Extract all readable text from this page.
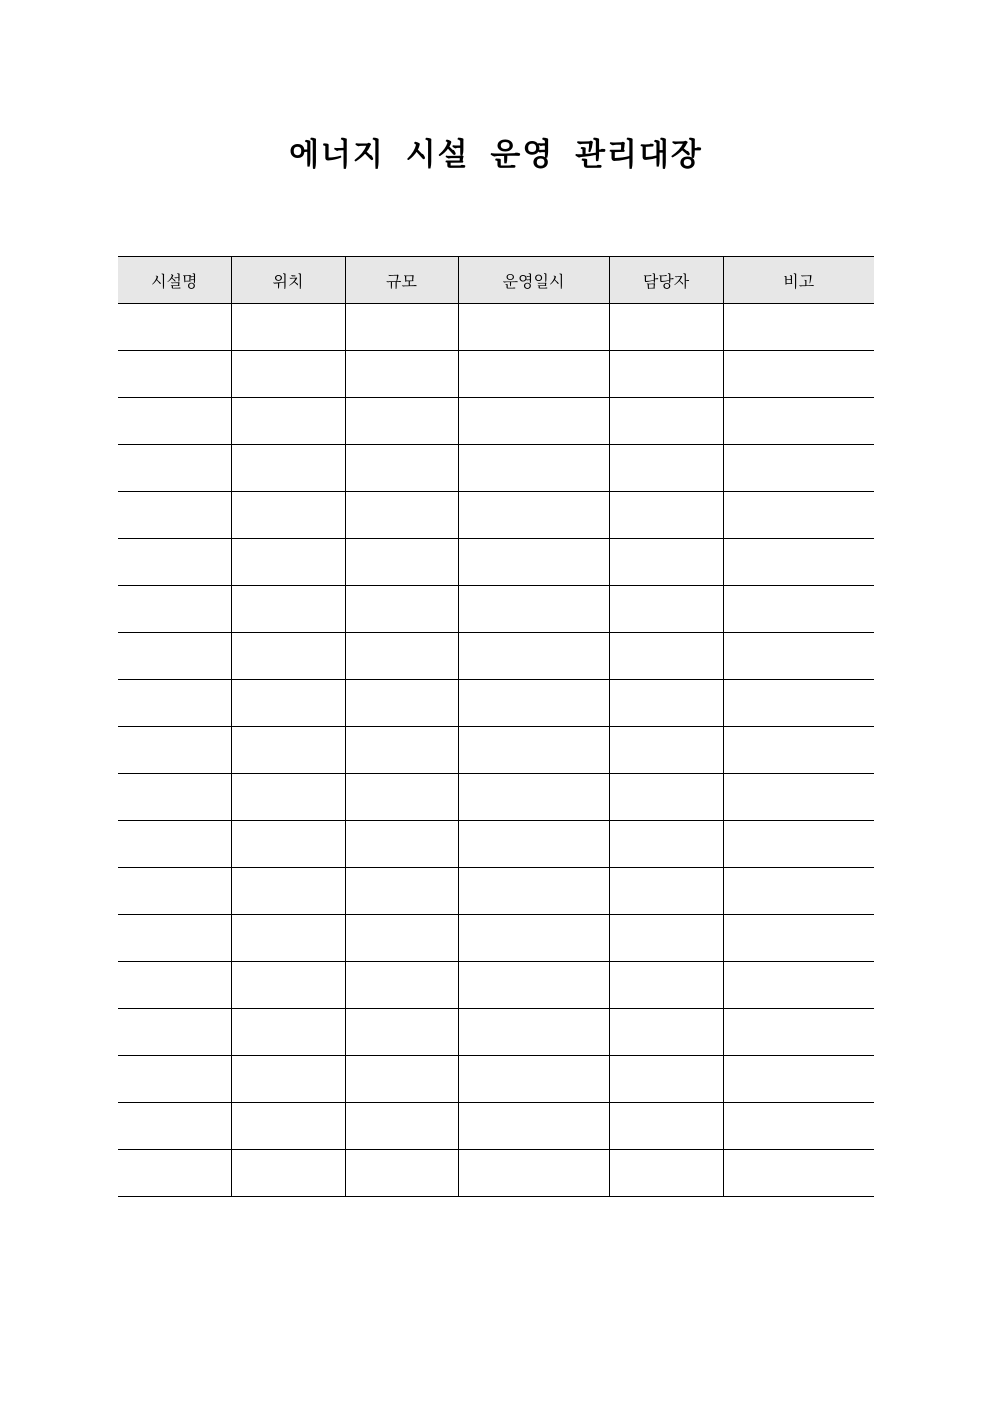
에너지 시설 운영 관리대장
시설명	위치	규모	운영일시	담당자	비고
